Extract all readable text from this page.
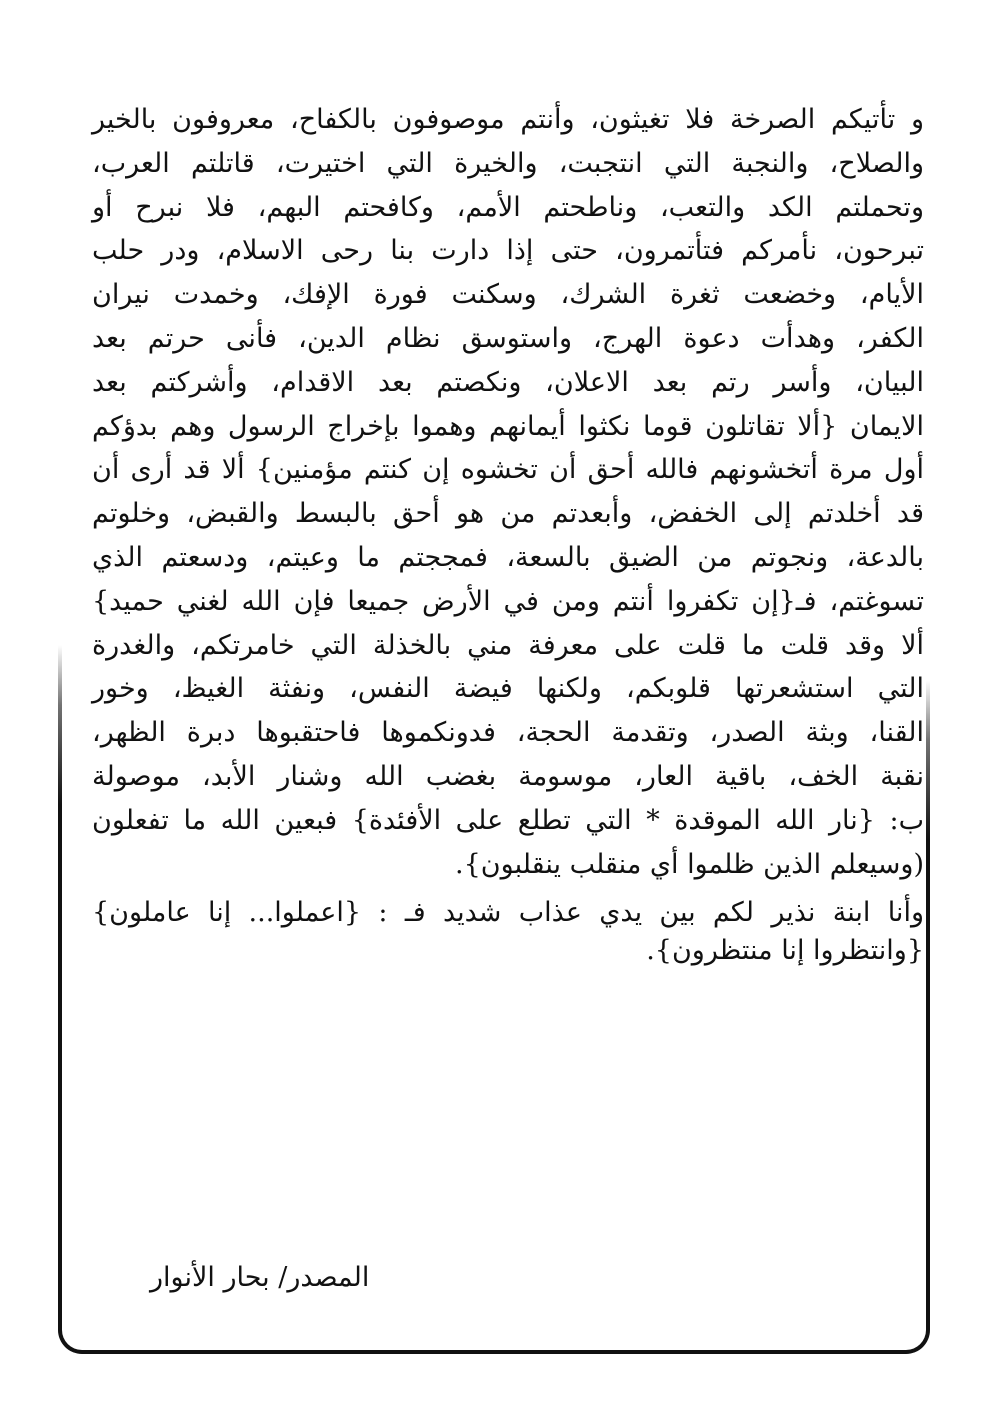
و تأتيكم الصرخة فلا تغيثون، وأنتم موصوفون بالكفاح، معروفون بالخير
والصلاح، والنجبة التي انتجبت، والخيرة التي اختيرت، قاتلتم العرب،
وتحملتم الكد والتعب، وناطحتم الأمم، وكافحتم البهم، فلا نبرح أو
تبرحون، نأمركم فتأتمرون، حتى إذا دارت بنا رحى الاسلام، ودر حلب
الأيام، وخضعت ثغرة الشرك، وسكنت فورة الإفك، وخمدت نيران
الكفر، وهدأت دعوة الهرج، واستوسق نظام الدين، فأنى حرتم بعد
البيان، وأسر رتم بعد الاعلان، ونكصتم بعد الاقدام، وأشركتم بعد
الايمان {ألا تقاتلون قوما نكثوا أيمانهم وهموا بإخراج الرسول وهم بدؤكم
أول مرة أتخشونهم فالله أحق أن تخشوه إن كنتم مؤمنين} ألا قد أرى أن
قد أخلدتم إلى الخفض، وأبعدتم من هو أحق بالبسط والقبض، وخلوتم
بالدعة، ونجوتم من الضيق بالسعة، فمججتم ما وعيتم، ودسعتم الذي
تسوغتم، فـ{إن تكفروا أنتم ومن في الأرض جميعا فإن الله لغني حميد}
ألا وقد قلت ما قلت على معرفة مني بالخذلة التي خامرتكم، والغدرة
التي استشعرتها قلوبكم، ولكنها فيضة النفس، ونفثة الغيظ، وخور
القنا، وبثة الصدر، وتقدمة الحجة، فدونكموها فاحتقبوها دبرة الظهر،
نقبة الخف، باقية العار، موسومة بغضب الله وشنار الأبد، موصولة
ب: {نار الله الموقدة * التي تطلع على الأفئدة} فبعين الله ما تفعلون
(وسيعلم الذين ظلموا أي منقلب ينقلبون}.

وأنا ابنة نذير لكم بين يدي عذاب شديد فـ : {اعملوا... إنا عاملون}
{وانتظروا إنا منتظرون}.

المصدر/ بحار الأنوار
